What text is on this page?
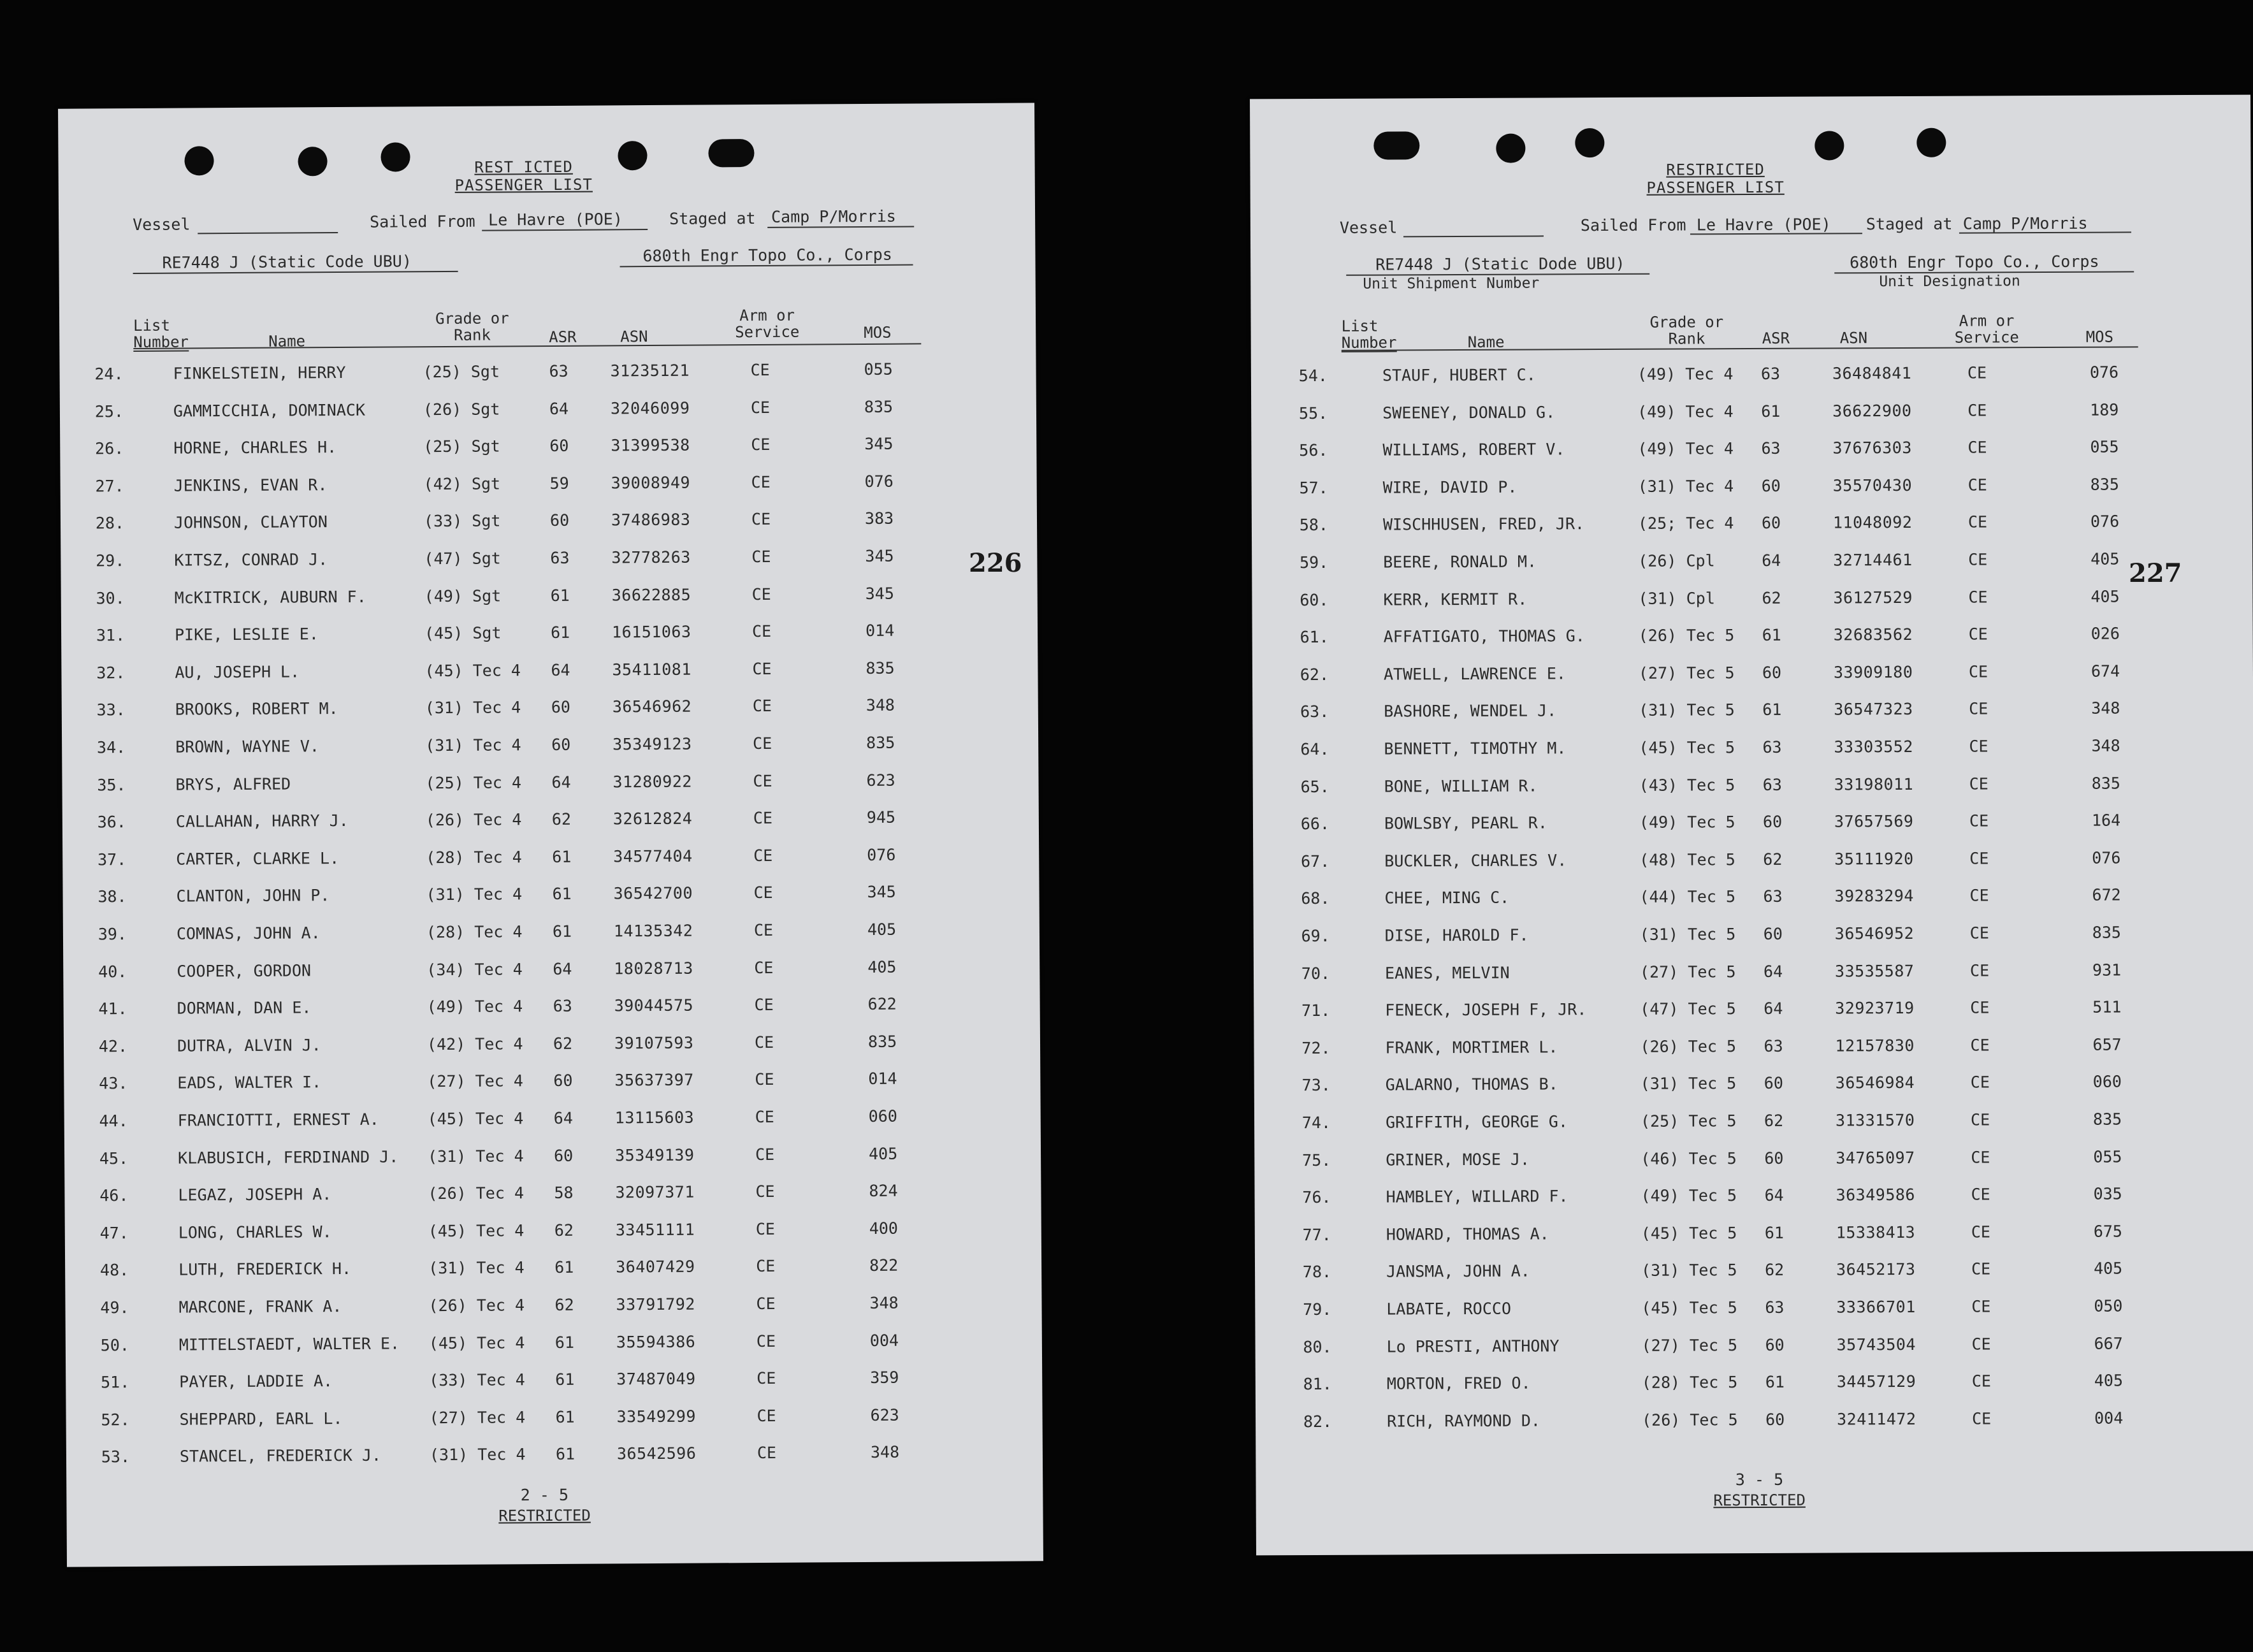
REST ICTED
PASSENGER LIST
Vessel	Sailed From Le Havre (POE)	Staged at Camp P/Morris
RE7448 J (Static Code UBU)	680th Engr Topo Co., Corps
List
Number	Name
Grade or
Rank	ASR	ASN
Arm or
Service	MOS
24.	FINKELSTEIN, HERRY	(25) Sgt	63	31235121	CE	055
25.	GAMMICCHIA, DOMINACK	(26) Sgt	64	32046099	CE	835
26.	HORNE, CHARLES H.	(25) Sgt	60	31399538	CE	345
27.	JENKINS, EVAN R.	(42) Sgt	59	39008949	CE	076
28.	JOHNSON, CLAYTON	(33) Sgt	60	37486983	CE	383
29.	KITSZ, CONRAD J.	(47) Sgt	63	32778263	CE	345
30.	McKITRICK, AUBURN F.	(49) Sgt	61	36622885	CE	345
31.	PIKE, LESLIE E.	(45) Sgt	61	16151063	CE	014
32.	AU, JOSEPH L.	(45) Tec 4 64	35411081	CE	835
33.	BROOKS, ROBERT M.	(31) Tec 4 60	36546962	CE	348
34.	BROWN, WAYNE V.	(31) Tec 4 60	35349123	CE	835
35.	BRYS, ALFRED	(25) Tec 4 64	31280922	CE	623
36.	CALLAHAN, HARRY J.	(26) Tec 4 62	32612824	CE	945
37.	CARTER, CLARKE L.	(28) Tec 4 61	34577404	CE	076
38.	CLANTON, JOHN P.	(31) Tec 4 61	36542700	CE	345
39.	COMNAS, JOHN A.	(28) Tec 4 61	14135342	CE	405
40.	COOPER, GORDON	(34) Tec 4 64	18028713	CE	405
41.	DORMAN, DAN E.	(49) Tec 4 63	39044575	CE	622
42.	DUTRA, ALVIN J.	(42) Tec 4 62	39107593	CE	835
43.	EADS, WALTER I.	(27) Tec 4 60	35637397	CE	014
44.	FRANCIOTTI, ERNEST A.	(45) Tec 4 64	13115603	CE	060
45.	KLABUSICH, FERDINAND J. (31) Tec 4 60	35349139	CE	405
46.	LEGAZ, JOSEPH A.	(26) Tec 4 58	32097371	CE	824
47.	LONG, CHARLES W.	(45) Tec 4 62	33451111	CE	400
48.	LUTH, FREDERICK H.	(31) Tec 4 61	36407429	CE	822
49.	MARCONE, FRANK A.	(26) Tec 4 62	33791792	CE	348
50.	MITTELSTAEDT, WALTER E. (45) Tec 4 61	35594386	CE	004
51.	PAYER, LADDIE A.	(33) Tec 4 61	37487049	CE	359
52.	SHEPPARD, EARL L.	(27) Tec 4 61	33549299	CE	623
53.	STANCEL, FREDERICK J.	(31) Tec 4 61	36542596	CE	348
2 - 5
RESTRICTED
226
RESTRICTED
PASSENGER LIST
Vessel	Sailed From Le Havre (POE) Staged at Camp P/Morris
RE7448 J (Static Dode UBU)
Unit Shipment Number
680th Engr Topo Co., Corps
Unit Designation
List
Number	Name
Grade or
Rank	ASR	ASN
Arm or
Service	MOS
54.	STAUF, HUBERT C.	(49) Tec 4 63	36484841	CE	076
55.	SWEENEY, DONALD G.	(49) Tec 4 61	36622900	CE	189
56.	WILLIAMS, ROBERT V.	(49) Tec 4 63	37676303	CE	055
57.	WIRE, DAVID P.	(31) Tec 4 60	35570430	CE	835
58.	WISCHHUSEN, FRED, JR.	(25; Tec 4 60	11048092	CE	076
59.	BEERE, RONALD M.	(26) Cpl	64	32714461	CE	405
60.	KERR, KERMIT R.	(31) Cpl	62	36127529	CE	405
61.	AFFATIGATO, THOMAS G.	(26) Tec 5 61	32683562	CE	026
62.	ATWELL, LAWRENCE E.	(27) Tec 5 60	33909180	CE	674
63.	BASHORE, WENDEL J.	(31) Tec 5 61	36547323	CE	348
64.	BENNETT, TIMOTHY M.	(45) Tec 5 63	33303552	CE	348
65.	BONE, WILLIAM R.	(43) Tec 5 63	33198011	CE	835
66.	BOWLSBY, PEARL R.	(49) Tec 5 60	37657569	CE	164
67.	BUCKLER, CHARLES V.	(48) Tec 5 62	35111920	CE	076
68.	CHEE, MING C.	(44) Tec 5 63	39283294	CE	672
69.	DISE, HAROLD F.	(31) Tec 5 60	36546952	CE	835
70.	EANES, MELVIN	(27) Tec 5 64	33535587	CE	931
71.	FENECK, JOSEPH F, JR.	(47) Tec 5 64	32923719	CE	511
72.	FRANK, MORTIMER L.	(26) Tec 5 63	12157830	CE	657
73.	GALARNO, THOMAS B.	(31) Tec 5 60	36546984	CE	060
74.	GRIFFITH, GEORGE G.	(25) Tec 5 62	31331570	CE	835
75.	GRINER, MOSE J.	(46) Tec 5 60	34765097	CE	055
76.	HAMBLEY, WILLARD F.	(49) Tec 5 64	36349586	CE	035
77.	HOWARD, THOMAS A.	(45) Tec 5 61	15338413	CE	675
78.	JANSMA, JOHN A.	(31) Tec 5 62	36452173	CE	405
79.	LABATE, ROCCO	(45) Tec 5 63	33366701	CE	050
80.	Lo PRESTI, ANTHONY	(27) Tec 5 60	35743504	CE	667
81.	MORTON, FRED O.	(28) Tec 5 61	34457129	CE	405
82.	RICH, RAYMOND D.	(26) Tec 5 60	32411472	CE	004
3 - 5
RESTRICTED
227
